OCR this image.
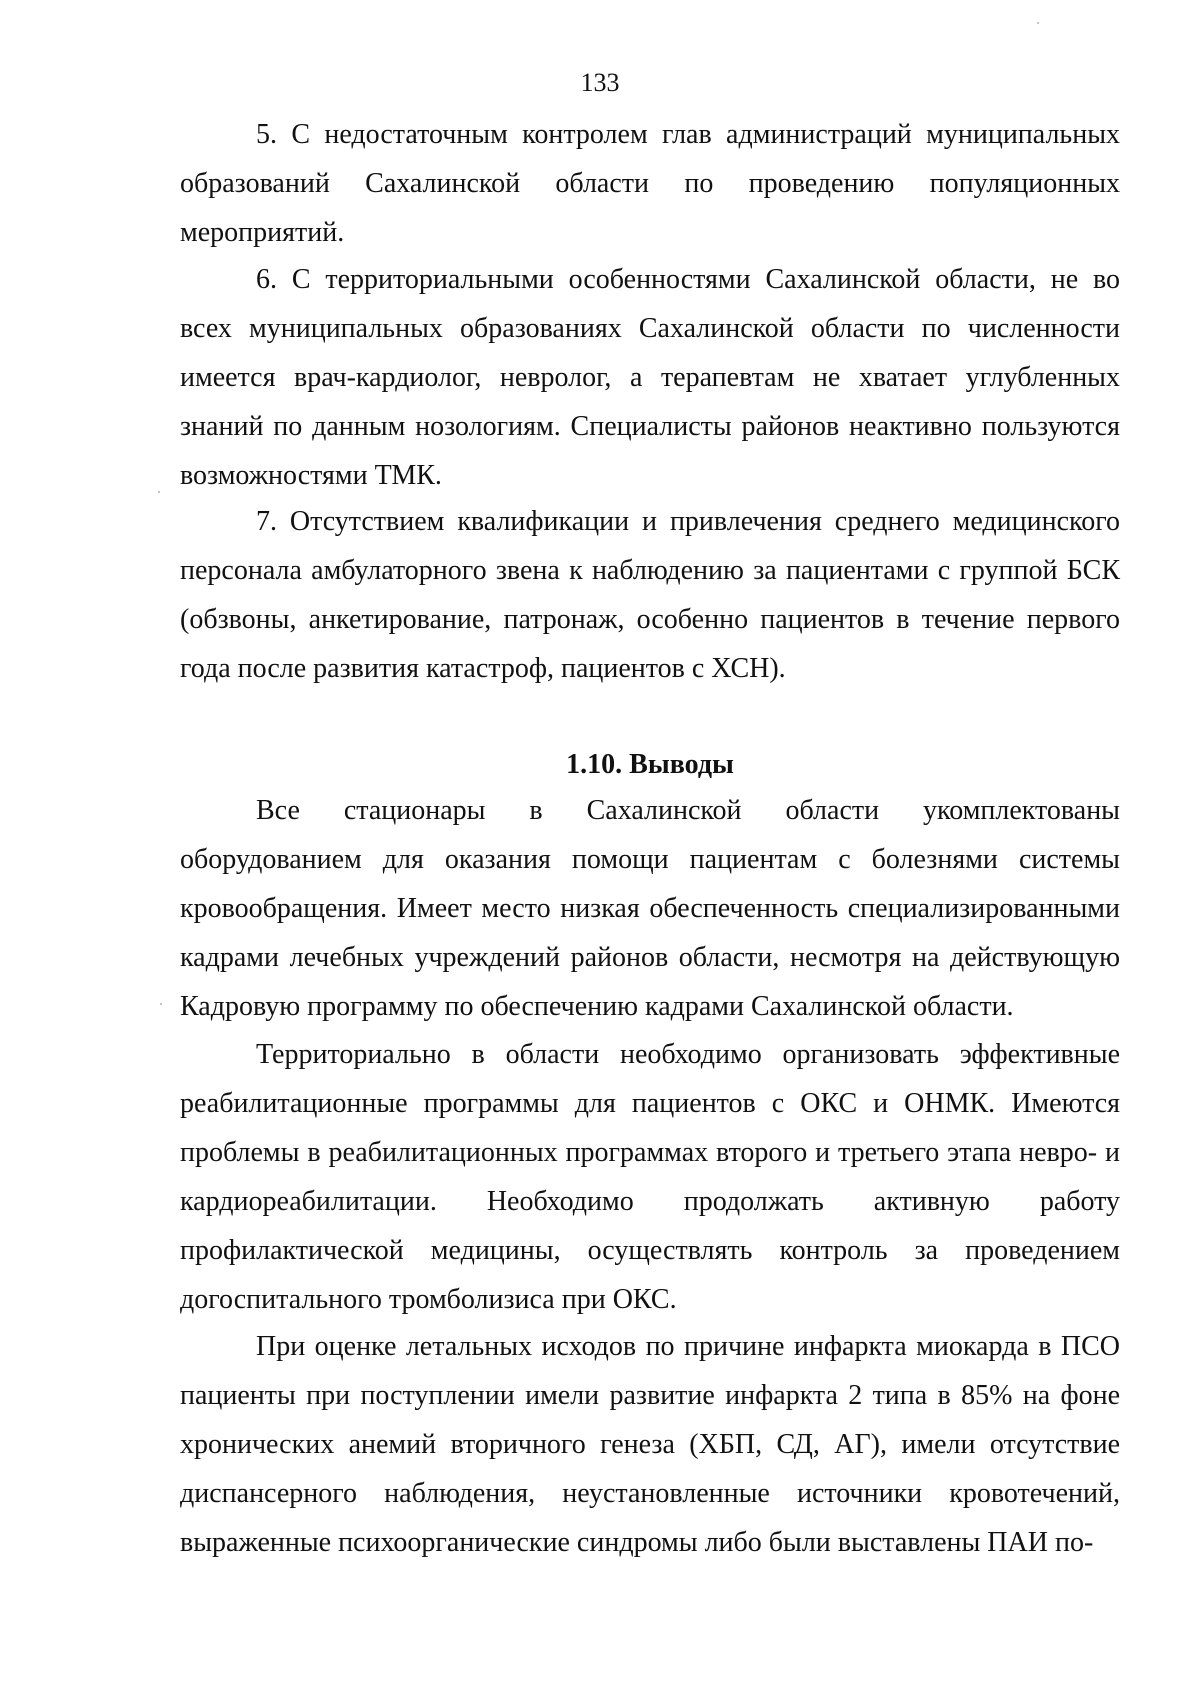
133

5. С недостаточным контролем глав администраций муниципальных образований Сахалинской области по проведению популяционных мероприятий.

6. С территориальными особенностями Сахалинской области, не во всех муниципальных образованиях Сахалинской области по численности имеется врач-кардиолог, невролог, а терапевтам не хватает углубленных знаний по данным нозологиям. Специалисты районов неактивно пользуются возможностями ТМК.

7. Отсутствием квалификации и привлечения среднего медицинского персонала амбулаторного звена к наблюдению за пациентами с группой БСК (обзвоны, анкетирование, патронаж, особенно пациентов в течение первого года после развития катастроф, пациентов с ХСН).

1.10. Выводы

Все стационары в Сахалинской области укомплектованы оборудованием для оказания помощи пациентам с болезнями системы кровообращения. Имеет место низкая обеспеченность специализированными кадрами лечебных учреждений районов области, несмотря на действующую Кадровую программу по обеспечению кадрами Сахалинской области.

Территориально в области необходимо организовать эффективные реабилитационные программы для пациентов с ОКС и ОНМК. Имеются проблемы в реабилитационных программах второго и третьего этапа невро- и кардиореабилитации. Необходимо продолжать активную работу профилактической медицины, осуществлять контроль за проведением догоспитального тромболизиса при ОКС.

При оценке летальных исходов по причине инфаркта миокарда в ПСО пациенты при поступлении имели развитие инфаркта 2 типа в 85% на фоне хронических анемий вторичного генеза (ХБП, СД, АГ), имели отсутствие диспансерного наблюдения, неустановленные источники кровотечений, выраженные психоорганические синдромы либо были выставлены ПАИ по-
